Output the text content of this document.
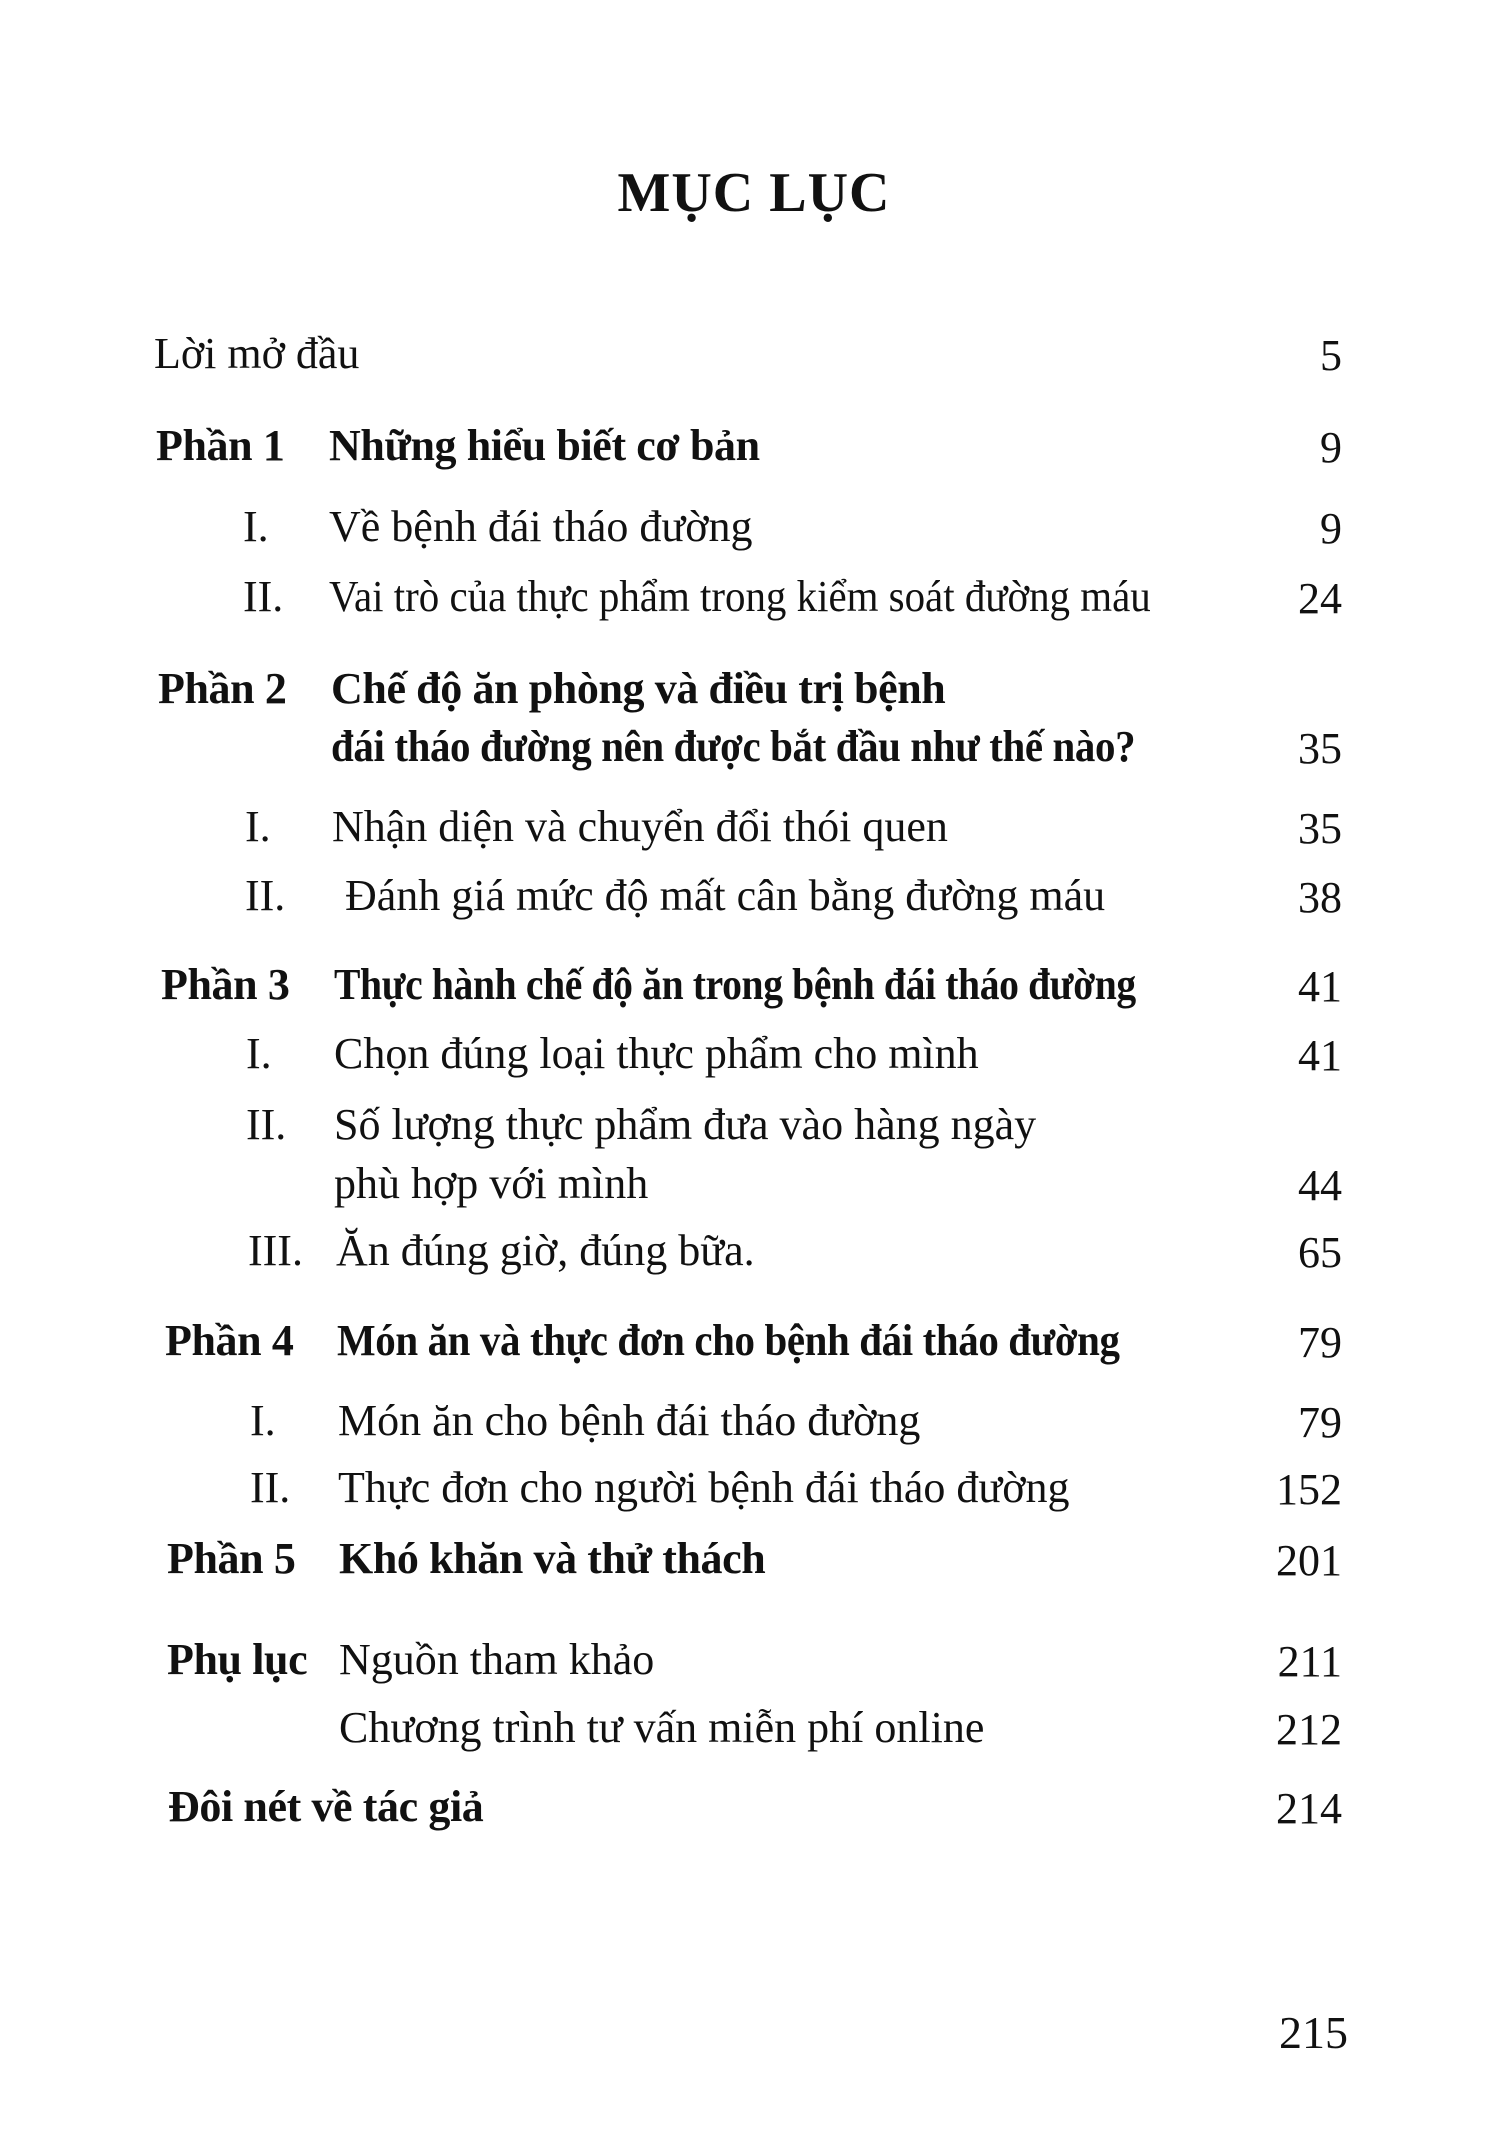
MỤC LỤC
Lời mở đầu	5
Phần 1 Những hiểu biết cơ bản	9
I. Về bệnh đái tháo đường	9
II. Vai trò của thực phẩm trong kiểm soát đường máu	24
Phần 2 Chế độ ăn phòng và điều trị bệnh
đái tháo đường nên được bắt đầu như thế nào?	35
I. Nhận diện và chuyển đổi thói quen	35
II. Đánh giá mức độ mất cân bằng đường máu	38
Phần 3 Thực hành chế độ ăn trong bệnh đái tháo đường	41
I. Chọn đúng loại thực phẩm cho mình	41
II. Số lượng thực phẩm đưa vào hàng ngày
phù hợp với mình	44
III. Ăn đúng giờ, đúng bữa.	65
Phần 4 Món ăn và thực đơn cho bệnh đái tháo đường	79
I. Món ăn cho bệnh đái tháo đường	79
II. Thực đơn cho người bệnh đái tháo đường	152
Phần 5 Khó khăn và thử thách	201
Phụ lục Nguồn tham khảo	211
Chương trình tư vấn miễn phí online	212
Đôi nét về tác giả	214
215
